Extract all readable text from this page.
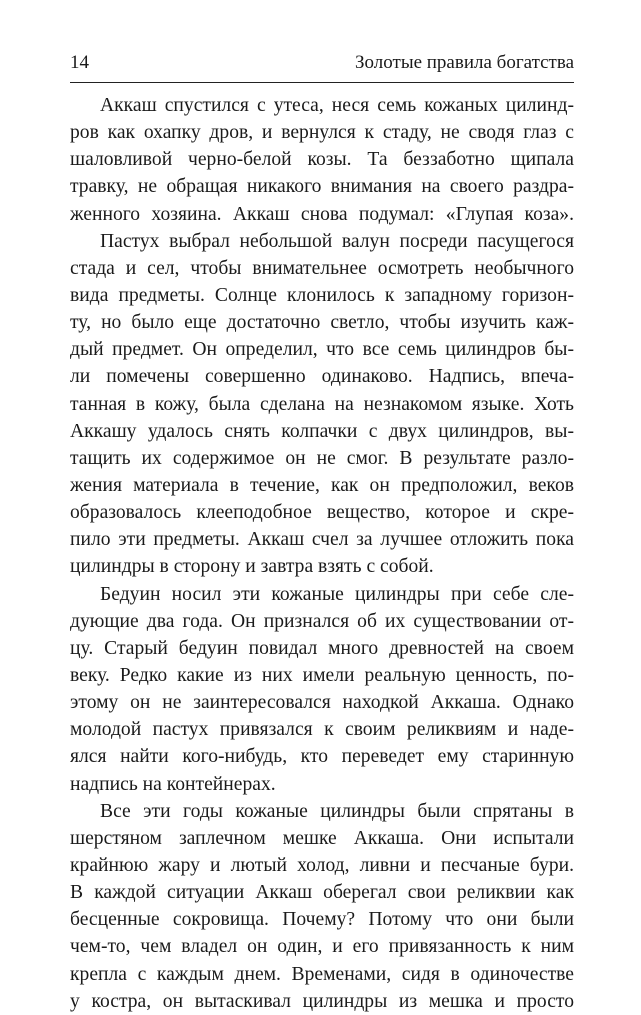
14	Золотые правила богатства
Аккаш спустился с утеса, неся семь кожаных цилинд-
ров как охапку дров, и вернулся к стаду, не сводя глаз с
шаловливой черно-белой козы. Та беззаботно щипала
травку, не обращая никакого внимания на своего раздра-
женного хозяина. Аккаш снова подумал: «Глупая коза».
Пастух выбрал небольшой валун посреди пасущегося
стада и сел, чтобы внимательнее осмотреть необычного
вида предметы. Солнце клонилось к западному горизон-
ту, но было еще достаточно светло, чтобы изучить каж-
дый предмет. Он определил, что все семь цилиндров бы-
ли помечены совершенно одинаково. Надпись, впеча-
танная в кожу, была сделана на незнакомом языке. Хоть
Аккашу удалось снять колпачки с двух цилиндров, вы-
тащить их содержимое он не смог. В результате разло-
жения материала в течение, как он предположил, веков
образовалось клееподобное вещество, которое и скре-
пило эти предметы. Аккаш счел за лучшее отложить пока
цилиндры в сторону и завтра взять с собой.
Бедуин носил эти кожаные цилиндры при себе сле-
дующие два года. Он признался об их существовании от-
цу. Старый бедуин повидал много древностей на своем
веку. Редко какие из них имели реальную ценность, по-
этому он не заинтересовался находкой Аккаша. Однако
молодой пастух привязался к своим реликвиям и наде-
ялся найти кого-нибудь, кто переведет ему старинную
надпись на контейнерах.
Все эти годы кожаные цилиндры были спрятаны в
шерстяном заплечном мешке Аккаша. Они испытали
крайнюю жару и лютый холод, ливни и песчаные бури.
В каждой ситуации Аккаш оберегал свои реликвии как
бесценные сокровища. Почему? Потому что они были
чем-то, чем владел он один, и его привязанность к ним
крепла с каждым днем. Временами, сидя в одиночестве
у костра, он вытаскивал цилиндры из мешка и просто
